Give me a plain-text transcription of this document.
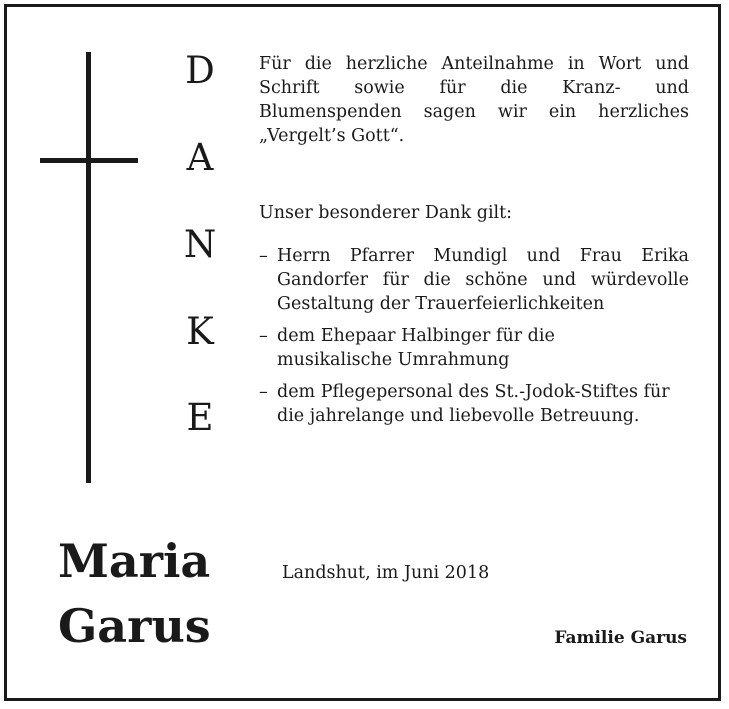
D
A
N
K
E
Für die herzliche Anteilnahme in Wort und Schrift sowie für die Kranz- und Blumenspenden sagen wir ein herzliches „Vergelt’s Gott“.
Unser besonderer Dank gilt:
– Herrn Pfarrer Mundigl und Frau Erika Gandorfer für die schöne und würdevolle Gestaltung der Trauerfeierlichkeiten
– dem Ehepaar Halbinger für die musikalische Umrahmung
– dem Pflegepersonal des St.-Jodok-Stiftes für die jahrelange und liebevolle Betreuung.
Maria
Garus
Landshut, im Juni 2018
Familie Garus
